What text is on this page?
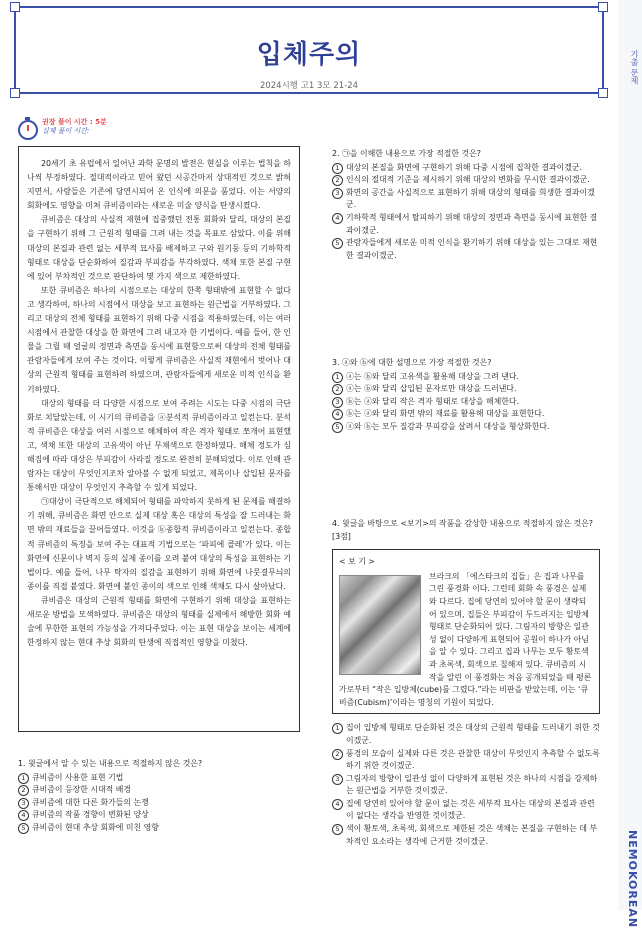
기출 문제
NEMOKOREAN
입체주의
2024시행 고1 3모 21-24
권장 풀이 시간 : 5분
실제 풀이 시간:

20세기 초 유럽에서 일어난 과학 문명의 발전은 현실을 이루는 법칙을 하나씩 부정하였다. 절대적이라고 믿어 왔던 시공간마저 상대적인 것으로 밝혀지면서, 사람들은 기존에 당연시되어 온 인식에 의문을 품었다. 이는 서양의 회화에도 영향을 미쳐 큐비즘이라는 새로운 미술 양식을 탄생시켰다.

큐비즘은 대상의 사실적 재현에 집중했던 전통 회화와 달리, 대상의 본질을 구현하기 위해 그 근원적 형태를 그려 내는 것을 목표로 삼았다. 이를 위해 대상의 본질과 관련 없는 세부적 묘사를 배제하고 구와 원기둥 등의 기하학적 형태로 대상을 단순화하여 질감과 부피감을 부각하였다. 색채 또한 본질 구현에 있어 부차적인 것으로 판단하여 몇 가지 색으로 제한하였다.

또한 큐비즘은 하나의 시점으로는 대상의 한쪽 형태밖에 표현할 수 없다고 생각하여, 하나의 시점에서 대상을 보고 표현하는 원근법을 거부하였다. 그리고 대상의 전체 형태를 표현하기 위해 다중 시점을 적용하였는데, 이는 여러 시점에서 관찰한 대상을 한 화면에 그려 내고자 한 기법이다. 예를 들어, 한 인물을 그릴 때 얼굴의 정면과 측면을 동시에 표현함으로써 대상의 전체 형태를 관람자들에게 보여 주는 것이다. 이렇게 큐비즘은 사실적 재현에서 벗어나 대상의 근원적 형태를 표현하려 하였으며, 관람자들에게 새로운 미적 인식을 환기하였다.

대상의 형태를 더 다양한 시점으로 보여 주려는 시도는 다중 시점의 극단화로 치달았는데, 이 시기의 큐비즘을 ⓐ분석적 큐비즘이라고 일컫는다. 분석적 큐비즘은 대상을 여러 시점으로 해체하여 작은 격자 형태로 쪼개어 표현했고, 색채 또한 대상의 고유색이 아닌 무채색으로 한정하였다. 해체 정도가 심해짐에 따라 대상은 부피감이 사라질 정도로 완전히 분해되었다. 이로 인해 관람자는 대상이 무엇인지조차 알아볼 수 없게 되었고, 제목이나 삽입된 문자를 통해서만 대상이 무엇인지 추측할 수 있게 되었다.

㉠대상이 극단적으로 해체되어 형태를 파악하지 못하게 된 문제를 해결하기 위해, 큐비즘은 화면 안으로 실제 대상 혹은 대상의 특성을 잘 드러내는 화면 밖의 재료들을 끌어들였다. 이것을 ⓑ종합적 큐비즘이라고 일컫는다. 종합적 큐비즘의 특징을 보여 주는 대표적 기법으로는 ‘파피에 콜레’가 있다. 이는 화면에 신문이나 벽지 등의 실제 종이를 오려 붙여 대상의 특성을 표현하는 기법이다. 예를 들어, 나무 탁자의 질감을 표현하기 위해 화면에 나뭇결무늬의 종이를 직접 붙였다. 화면에 붙인 종이의 색으로 인해 색채도 다시 살아났다.

큐비즘은 대상의 근원적 형태를 화면에 구현하기 위해 대상을 표현하는 새로운 방법을 모색하였다. 큐비즘은 대상의 형태를 실제에서 해방한 회화 예술에 무한한 표현의 가능성을 가져다주었다. 이는 표현 대상을 보이는 세계에 한정하지 않는 현대 추상 회화의 탄생에 직접적인 영향을 미쳤다.

1. 윗글에서 알 수 있는 내용으로 적절하지 않은 것은?
1 큐비즘이 사용한 표현 기법
2 큐비즘이 등장한 시대적 배경
3 큐비즘에 대한 다른 화가들의 논쟁
4 큐비즘의 작품 경향이 변화된 양상
5 큐비즘이 현대 추상 회화에 미친 영향
2. ㉠을 이해한 내용으로 가장 적절한 것은?
1 대상의 본질을 화면에 구현하기 위해 다중 시점에 집착한 결과이겠군.
2 인식의 절대적 기준을 제시하기 위해 대상의 변화를 무시한 결과이겠군.
3 화면의 공간을 사실적으로 표현하기 위해 대상의 형태를 희생한 결과이겠군.
4 기하학적 형태에서 탈피하기 위해 대상의 정면과 측면을 동시에 표현한 결과이겠군.
5 관람자들에게 새로운 미적 인식을 환기하기 위해 대상을 있는 그대로 재현한 결과이겠군.
3. ⓐ와 ⓑ에 대한 설명으로 가장 적절한 것은?
1 ⓐ는 ⓑ와 달리 고유색을 활용해 대상을 그려 낸다.
2 ⓐ는 ⓑ와 달리 삽입된 문자로만 대상을 드러낸다.
3 ⓑ는 ⓐ와 달리 작은 격자 형태로 대상을 해체한다.
4 ⓑ는 ⓐ와 달리 화면 밖의 재료를 활용해 대상을 표현한다.
5 ⓐ와 ⓑ는 모두 질감과 부피감을 살려서 대상을 형상화한다.
4. 윗글을 바탕으로 <보기>의 작품을 감상한 내용으로 적절하지 않은 것은? [3점]
< 보 기 >
브라크의 「에스타크의 집들」은 집과 나무를 그린 풍경화 이다. 그런데 회화 속 풍경은 실제와 다르다. 집에 당연히 있어야 할 문이 생략되어 있으며, 집들은 부피감이 두드러지는 입방체 형태로 단순화되어 있다. 그림자의 방향은 일관성 없이 다양하게 표현되어 공원이 하나가 아님을 알 수 있다. 그리고 집과 나무는 모두 황토색과 초록색, 회색으로 칠해져 있다. 큐비즘의 시작을 알린 이 풍경화는 처음 공개되었을 때 평론가로부터 “작은 입방체(cube)를 그렸다.”라는 비판을 받았는데, 이는 ‘큐비즘(Cubism)’이라는 명칭의 기원이 되었다.
1 집이 입방체 형태로 단순화된 것은 대상의 근원적 형태를 드러내기 위한 것이겠군.
2 풍경의 모습이 실제와 다른 것은 관찰한 대상이 무엇인지 추측할 수 없도록 하기 위한 것이겠군.
3 그림자의 방향이 일관성 없이 다양하게 표현된 것은 하나의 시점을 강제하는 원근법을 거부한 것이겠군.
4 집에 당연히 있어야 할 문이 없는 것은 세부적 묘사는 대상의 본질과 관련이 없다는 생각을 반영한 것이겠군.
5 색이 황토색, 초록색, 회색으로 제한된 것은 색채는 본질을 구현하는 데 부차적인 요소라는 생각에 근거한 것이겠군.
